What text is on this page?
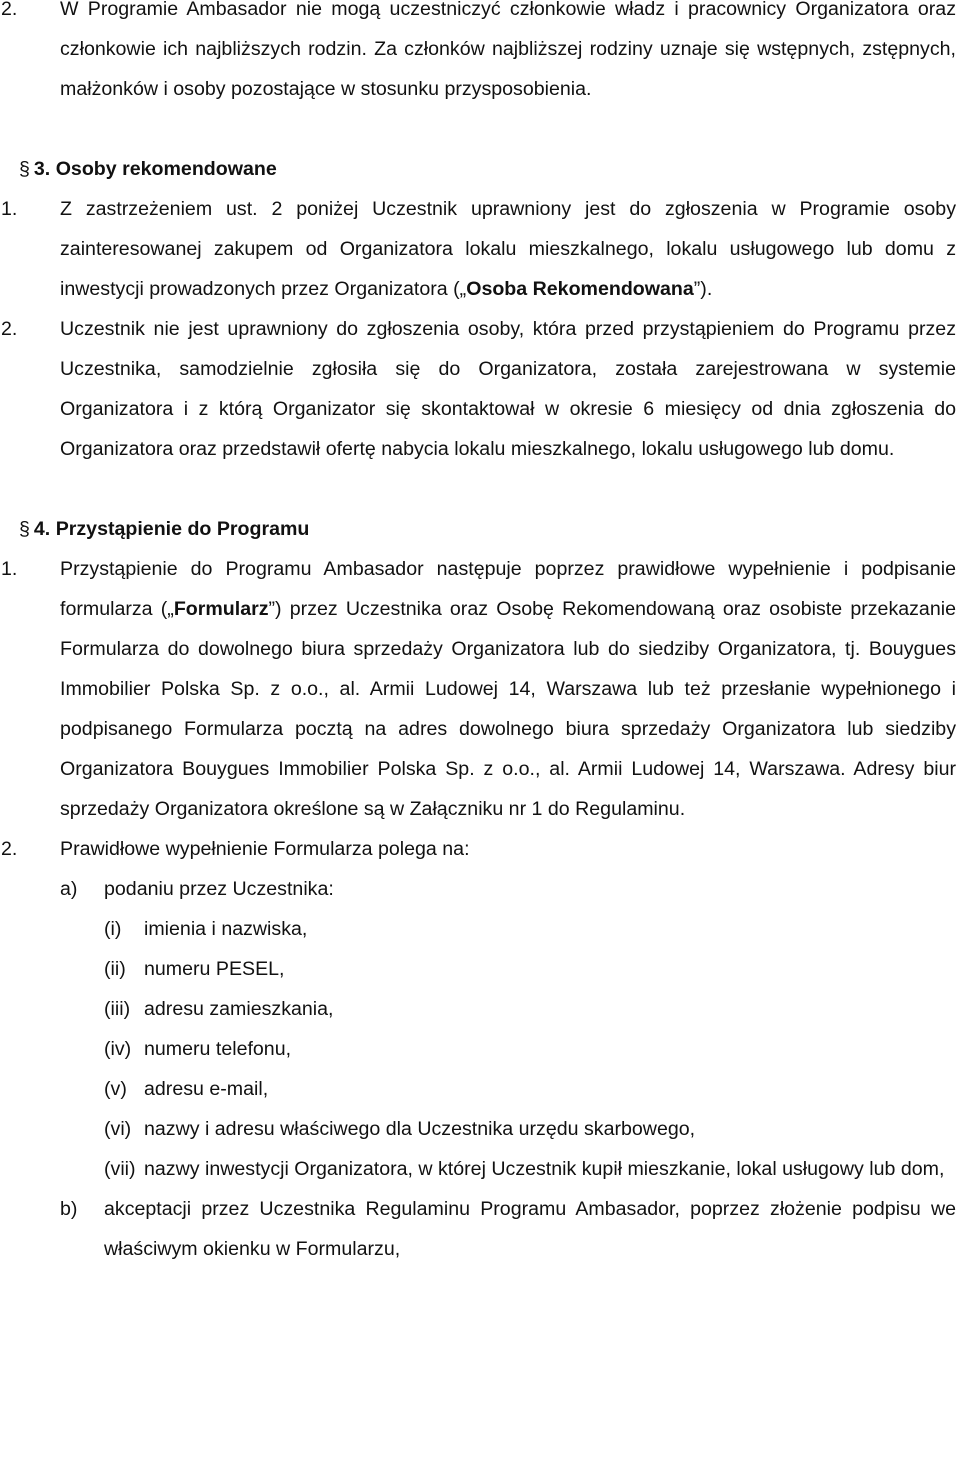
2. W Programie Ambasador nie mogą uczestniczyć członkowie władz i pracownicy Organizatora oraz członkowie ich najbliższych rodzin. Za członków najbliższej rodziny uznaje się wstępnych, zstępnych, małżonków i osoby pozostające w stosunku przysposobienia.
§ 3. Osoby rekomendowane
1. Z zastrzeżeniem ust. 2 poniżej Uczestnik uprawniony jest do zgłoszenia w Programie osoby zainteresowanej zakupem od Organizatora lokalu mieszkalnego, lokalu usługowego lub domu z inwestycji prowadzonych przez Organizatora („Osoba Rekomendowana”).
2. Uczestnik nie jest uprawniony do zgłoszenia osoby, która przed przystąpieniem do Programu przez Uczestnika, samodzielnie zgłosiła się do Organizatora, została zarejestrowana w systemie Organizatora i z którą Organizator się skontaktował w okresie 6 miesięcy od dnia zgłoszenia do Organizatora oraz przedstawił ofertę nabycia lokalu mieszkalnego, lokalu usługowego lub domu.
§ 4. Przystąpienie do Programu
1. Przystąpienie do Programu Ambasador następuje poprzez prawidłowe wypełnienie i podpisanie formularza („Formularz”) przez Uczestnika oraz Osobę Rekomendowaną oraz osobiste przekazanie Formularza do dowolnego biura sprzedaży Organizatora lub do siedziby Organizatora, tj. Bouygues Immobilier Polska Sp. z o.o., al. Armii Ludowej 14, Warszawa lub też przesłanie wypełnionego i podpisanego Formularza pocztą na adres dowolnego biura sprzedaży Organizatora lub siedziby Organizatora Bouygues Immobilier Polska Sp. z o.o., al. Armii Ludowej 14, Warszawa. Adresy biur sprzedaży Organizatora określone są w Załączniku nr 1 do Regulaminu.
2. Prawidłowe wypełnienie Formularza polega na:
a) podaniu przez Uczestnika:
(i) imienia i nazwiska,
(ii) numeru PESEL,
(iii) adresu zamieszkania,
(iv) numeru telefonu,
(v) adresu e-mail,
(vi) nazwy i adresu właściwego dla Uczestnika urzędu skarbowego,
(vii) nazwy inwestycji Organizatora, w której Uczestnik kupił mieszkanie, lokal usługowy lub dom,
b) akceptacji przez Uczestnika Regulaminu Programu Ambasador, poprzez złożenie podpisu we właściwym okienku w Formularzu,
